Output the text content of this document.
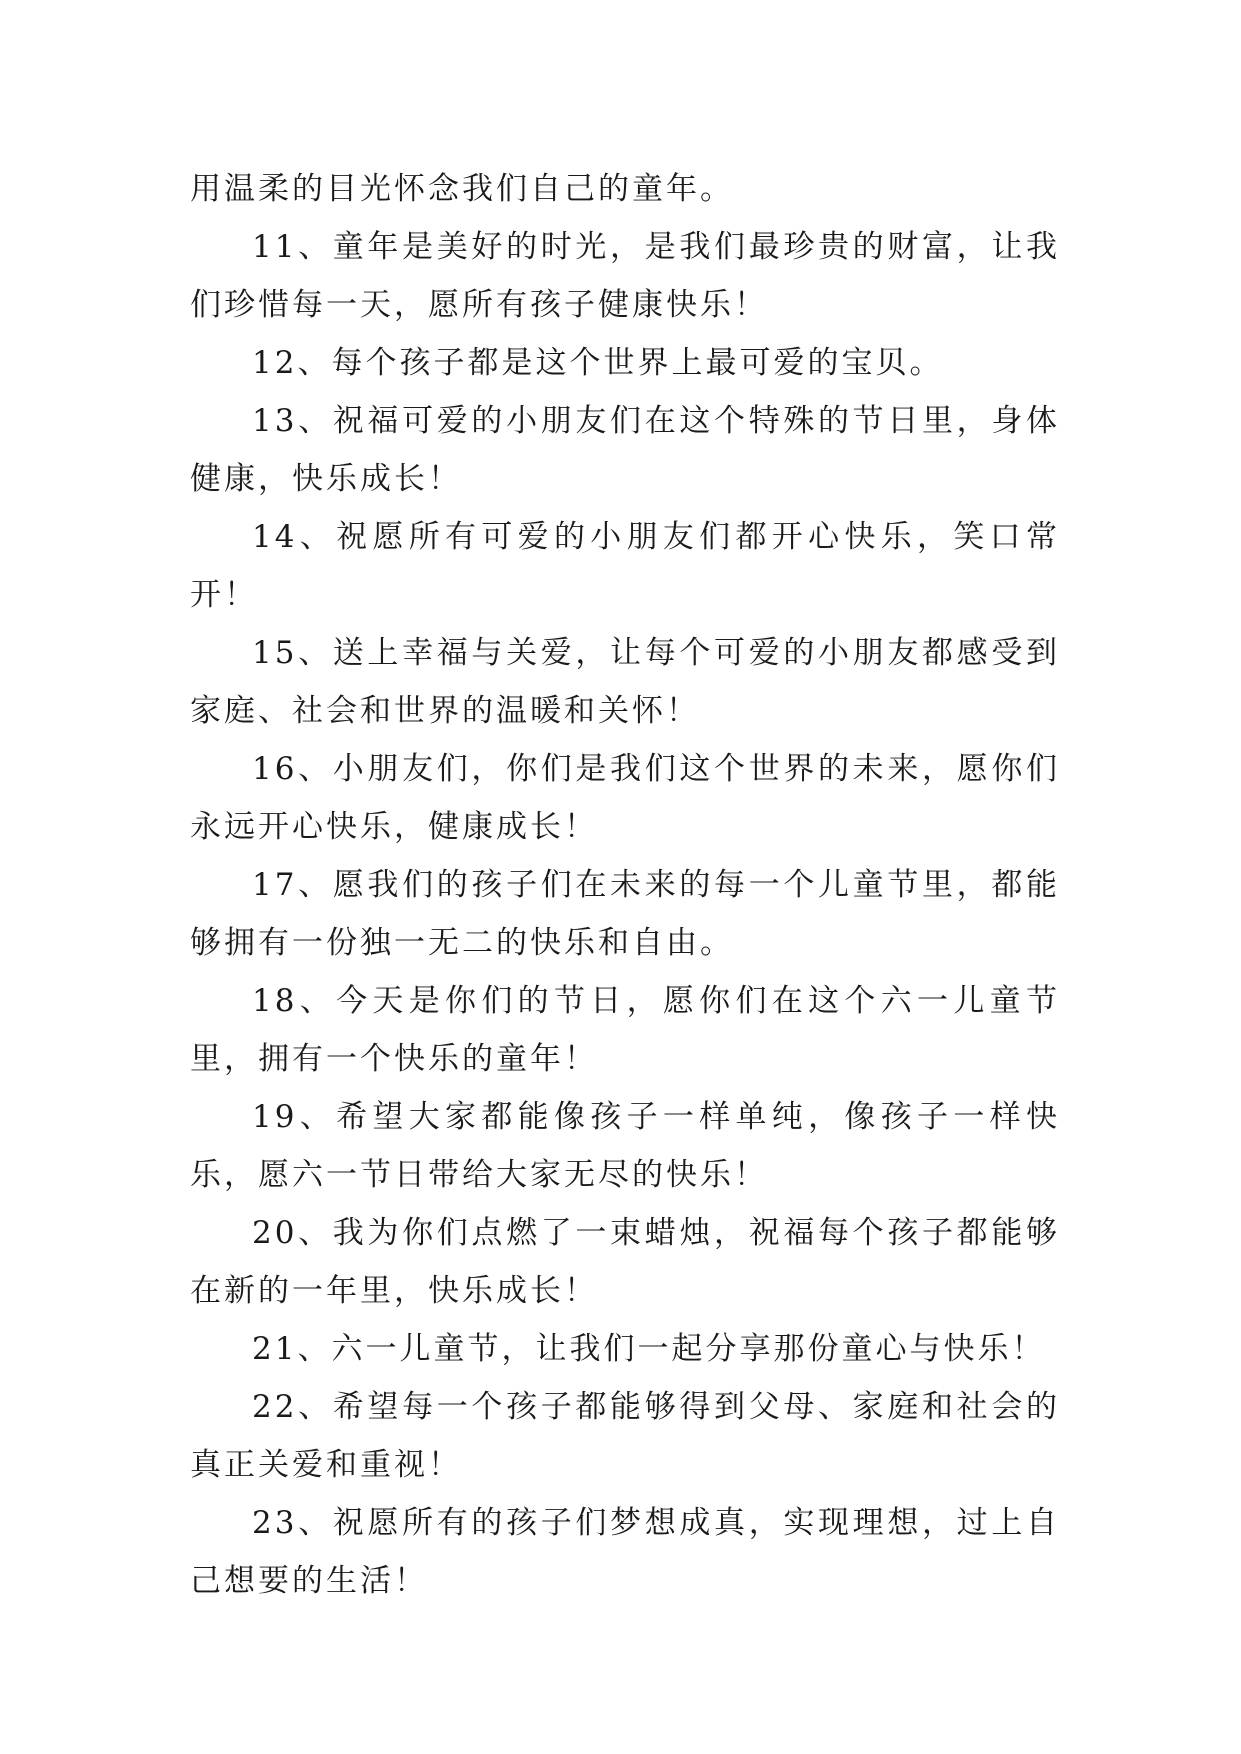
用温柔的目光怀念我们自己的童年。

11、童年是美好的时光，是我们最珍贵的财富，让我们珍惜每一天，愿所有孩子健康快乐！

12、每个孩子都是这个世界上最可爱的宝贝。

13、祝福可爱的小朋友们在这个特殊的节日里，身体健康，快乐成长！

14、祝愿所有可爱的小朋友们都开心快乐，笑口常开！

15、送上幸福与关爱，让每个可爱的小朋友都感受到家庭、社会和世界的温暖和关怀！

16、小朋友们，你们是我们这个世界的未来，愿你们永远开心快乐，健康成长！

17、愿我们的孩子们在未来的每一个儿童节里，都能够拥有一份独一无二的快乐和自由。

18、今天是你们的节日，愿你们在这个六一儿童节里，拥有一个快乐的童年！

19、希望大家都能像孩子一样单纯，像孩子一样快乐，愿六一节日带给大家无尽的快乐！

20、我为你们点燃了一束蜡烛，祝福每个孩子都能够在新的一年里，快乐成长！

21、六一儿童节，让我们一起分享那份童心与快乐！

22、希望每一个孩子都能够得到父母、家庭和社会的真正关爱和重视！

23、祝愿所有的孩子们梦想成真，实现理想，过上自己想要的生活！
